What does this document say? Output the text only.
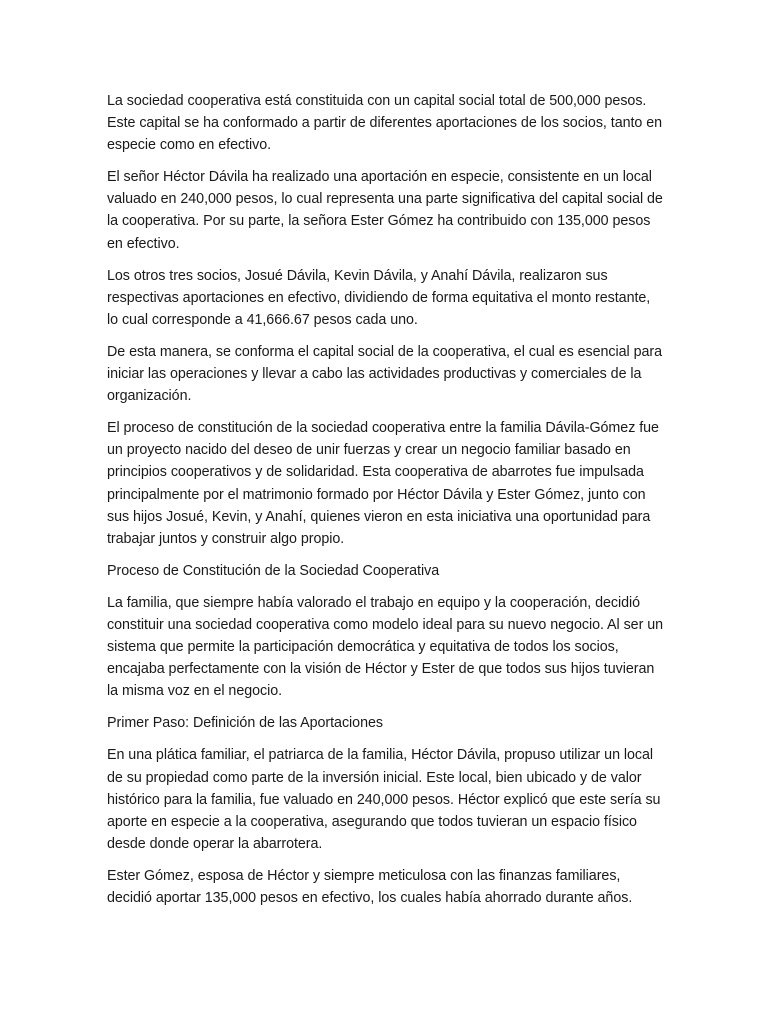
La sociedad cooperativa está constituida con un capital social total de 500,000 pesos. Este capital se ha conformado a partir de diferentes aportaciones de los socios, tanto en especie como en efectivo.

El señor Héctor Dávila ha realizado una aportación en especie, consistente en un local valuado en 240,000 pesos, lo cual representa una parte significativa del capital social de la cooperativa. Por su parte, la señora Ester Gómez ha contribuido con 135,000 pesos en efectivo.

Los otros tres socios, Josué Dávila, Kevin Dávila, y Anahí Dávila, realizaron sus respectivas aportaciones en efectivo, dividiendo de forma equitativa el monto restante, lo cual corresponde a 41,666.67 pesos cada uno.

De esta manera, se conforma el capital social de la cooperativa, el cual es esencial para iniciar las operaciones y llevar a cabo las actividades productivas y comerciales de la organización.

El proceso de constitución de la sociedad cooperativa entre la familia Dávila-Gómez fue un proyecto nacido del deseo de unir fuerzas y crear un negocio familiar basado en principios cooperativos y de solidaridad. Esta cooperativa de abarrotes fue impulsada principalmente por el matrimonio formado por Héctor Dávila y Ester Gómez, junto con sus hijos Josué, Kevin, y Anahí, quienes vieron en esta iniciativa una oportunidad para trabajar juntos y construir algo propio.

Proceso de Constitución de la Sociedad Cooperativa

La familia, que siempre había valorado el trabajo en equipo y la cooperación, decidió constituir una sociedad cooperativa como modelo ideal para su nuevo negocio. Al ser un sistema que permite la participación democrática y equitativa de todos los socios, encajaba perfectamente con la visión de Héctor y Ester de que todos sus hijos tuvieran la misma voz en el negocio.

Primer Paso: Definición de las Aportaciones

En una plática familiar, el patriarca de la familia, Héctor Dávila, propuso utilizar un local de su propiedad como parte de la inversión inicial. Este local, bien ubicado y de valor histórico para la familia, fue valuado en 240,000 pesos. Héctor explicó que este sería su aporte en especie a la cooperativa, asegurando que todos tuvieran un espacio físico desde donde operar la abarrotera.

Ester Gómez, esposa de Héctor y siempre meticulosa con las finanzas familiares, decidió aportar 135,000 pesos en efectivo, los cuales había ahorrado durante años.
